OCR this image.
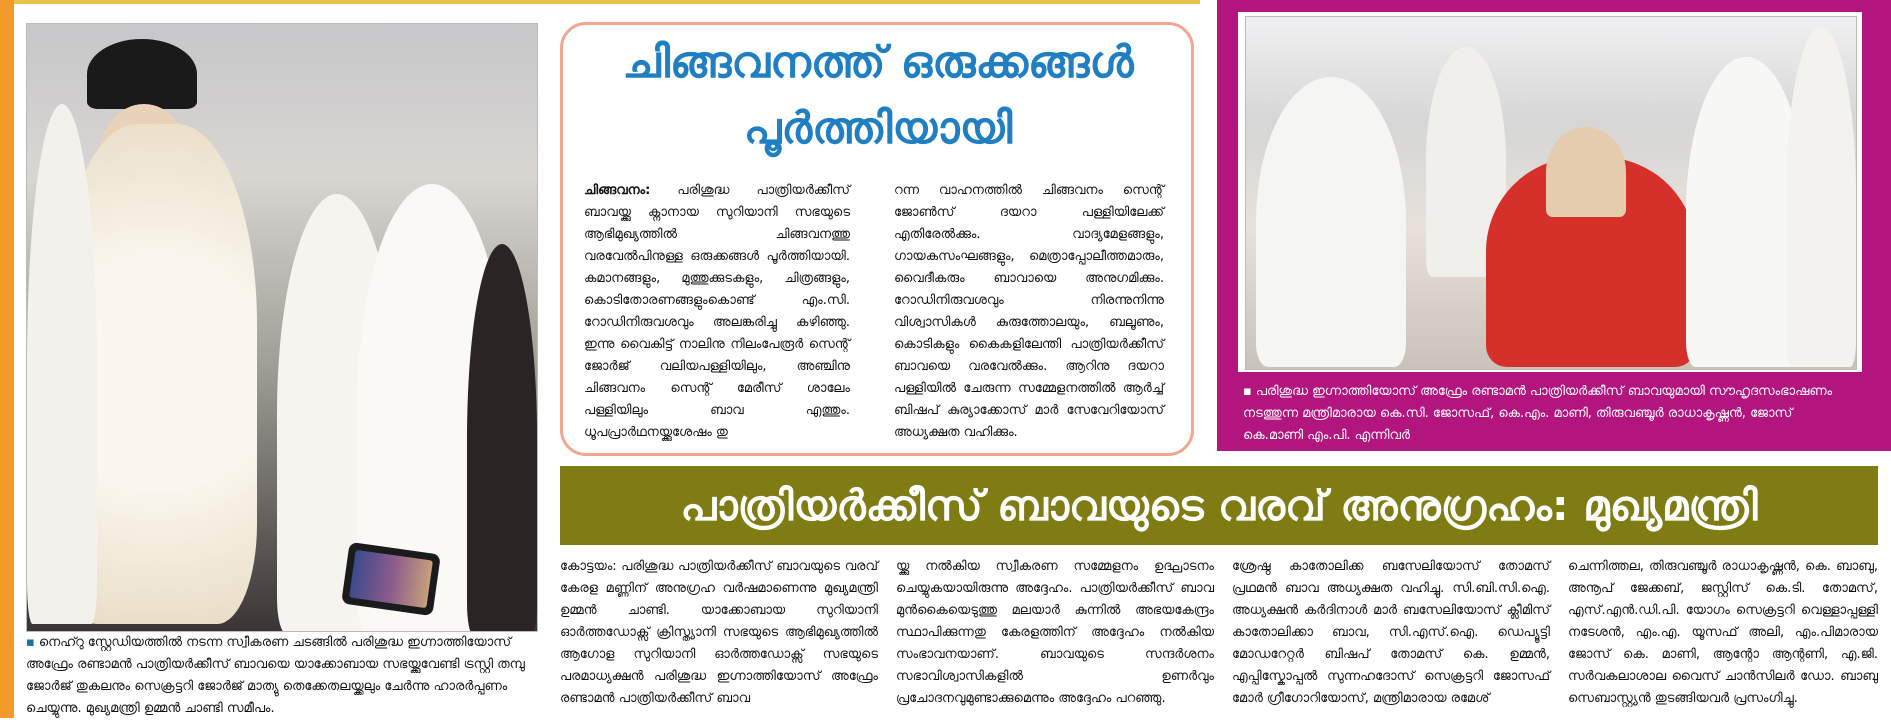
▪ നെഹ്റു സ്റ്റേഡിയത്തിൽ നടന്ന സ്വീകരണ ചടങ്ങിൽ പരിശുദ്ധ ഇഗ്നാത്തിയോസ് അഫ്രേം രണ്ടാമൻ പാത്രിയർക്കീസ് ബാവയെ യാക്കോബായ സഭയ്ക്കുവേണ്ടി ട്രസ്റ്റി തമ്പു ജോർജ് തുകലനും സെക്രട്ടറി ജോർജ് മാത്യു തെക്കേതലയ്ക്കലും ചേർന്നു ഹാരർപ്പണം ചെയ്യുന്നു. മുഖ്യമന്ത്രി ഉമ്മൻ ചാണ്ടി സമീപം.
ചിങ്ങവനത്ത് ഒരുക്കങ്ങൾ
പൂർത്തിയായി
ചിങ്ങവനം: പരിശുദ്ധ പാത്രിയർക്കീസ് ബാവയ്ക്കു ക്നാനായ സുറിയാനി സഭയുടെ ആഭിമുഖ്യത്തിൽ ചിങ്ങവനത്തു വരവേൽപിനുള്ള ഒരുക്കങ്ങൾ പൂർത്തിയായി. കമാനങ്ങളും, മുത്തുക്കുടകളും, ചിത്രങ്ങളും, കൊടിതോരണങ്ങളുംകൊണ്ട് എം.സി. റോഡിനിരുവശവും അലങ്കരിച്ചു കഴിഞ്ഞു. ഇന്നു വൈകിട്ട് നാലിനു നിലംപേരൂർ സെന്റ് ജോർജ് വലിയപള്ളിയിലും, അഞ്ചിനു ചിങ്ങവനം സെന്റ് മേരീസ് ശാലേം പള്ളിയിലും ബാവ എത്തും. ധൂപപ്രാർഥനയ്ക്കുശേഷം തു
റന്ന വാഹനത്തിൽ ചിങ്ങവനം സെന്റ് ജോൺസ് ദയറാ പള്ളിയിലേക്ക് എതിരേൽക്കും. വാദ്യമേളങ്ങളും, ഗായകസംഘങ്ങളും, മെത്രാപ്പോലീത്തമാരും, വൈദീകരും ബാവായെ അനുഗമിക്കും. റോഡിനിരുവശവും നിരന്നുനിന്നു വിശ്വാസികൾ കുരുത്തോലയും, ബലൂണും, കൊടികളും കൈകളിലേന്തി പാത്രിയർക്കീസ് ബാവയെ വരവേൽക്കും. ആറിനു ദയറാ പള്ളിയിൽ ചേരുന്ന സമ്മേളനത്തിൽ ആർച്ച് ബിഷപ് കുര്യാക്കോസ് മാർ സേവേറിയോസ് അധ്യക്ഷത വഹിക്കും.
▪ പരിശുദ്ധ ഇഗ്നാത്തിയോസ് അഫ്രേം രണ്ടാമൻ പാത്രിയർക്കീസ് ബാവയുമായി സൗഹൃദസംഭാഷണം നടത്തുന്ന മന്ത്രിമാരായ കെ.സി. ജോസഫ്, കെ.എം. മാണി, തിരുവഞ്ചൂർ രാധാകൃഷ്ണൻ, ജോസ് കെ.മാണി എം.പി. എന്നിവർ
പാത്രിയർക്കീസ് ബാവയുടെ വരവ് അനുഗ്രഹം: മുഖ്യമന്ത്രി
കോട്ടയം: പരിശുദ്ധ പാത്രിയർക്കീസ് ബാവയുടെ വരവ് കേരള മണ്ണിന് അനുഗ്രഹ വർഷമാണെന്നു മുഖ്യമന്ത്രി ഉമ്മൻ ചാണ്ടി. യാക്കോബായ സുറിയാനി ഓർത്തഡോക്സ് ക്രിസ്ത്യാനി സഭയുടെ ആഭിമുഖ്യത്തിൽ ആഗോള സുറിയാനി ഓർത്തഡോക്സ് സഭയുടെ പരമാധ്യക്ഷൻ പരിശുദ്ധ ഇഗ്നാത്തിയോസ് അഫ്രേം രണ്ടാമൻ പാത്രിയർക്കീസ് ബാവ
യ്ക്കു നൽകിയ സ്വീകരണ സമ്മേളനം ഉദ്ഘാടനം ചെയ്യുകയായിരുന്നു അദ്ദേഹം. പാത്രിയർക്കീസ് ബാവ മുൻകൈയെടുത്തു മലയാർ കുന്നിൽ അഭയകേന്ദ്രം സ്ഥാപിക്കുന്നതു കേരളത്തിന് അദ്ദേഹം നൽകിയ സംഭാവനയാണ്. ബാവയുടെ സന്ദർശനം സഭാവിശ്വാസികളിൽ ഉണർവും പ്രചോദനവുമുണ്ടാക്കുമെന്നും അദ്ദേഹം പറഞ്ഞു.
ശ്രേഷ്ഠ കാതോലിക്ക ബസേലിയോസ് തോമസ് പ്രഥമൻ ബാവ അധ്യക്ഷത വഹിച്ചു. സി.ബി.സി.ഐ. അധ്യക്ഷൻ കർദിനാൾ മാർ ബസേലിയോസ് ക്ലീമിസ് കാതോലിക്കാ ബാവ, സി.എസ്.ഐ. ഡെപ്യൂട്ടി മോഡറേറ്റർ ബിഷപ് തോമസ് കെ. ഉമ്മൻ, എപ്പിസ്കോപ്പൽ സുന്നഹദോസ് സെക്രട്ടറി ജോസഫ് മോർ ഗ്രീഗോറിയോസ്, മന്ത്രിമാരായ രമേശ്
ചെന്നിത്തല, തിരുവഞ്ചൂർ രാധാകൃഷ്ണൻ, കെ. ബാബു, അനൂപ് ജേക്കബ്, ജസ്റ്റിസ് കെ.ടി. തോമസ്, എസ്.എൻ.ഡി.പി. യോഗം സെക്രട്ടറി വെള്ളാപ്പള്ളി നടേശൻ, എം.എ. യൂസഫ് അലി, എം.പിമാരായ ജോസ് കെ. മാണി, ആന്റോ ആന്റണി, എ.ജി. സർവകലാശാല വൈസ് ചാൻസിലർ ഡോ. ബാബു സെബാസ്റ്റ്യൻ തുടങ്ങിയവർ പ്രസംഗിച്ചു.
